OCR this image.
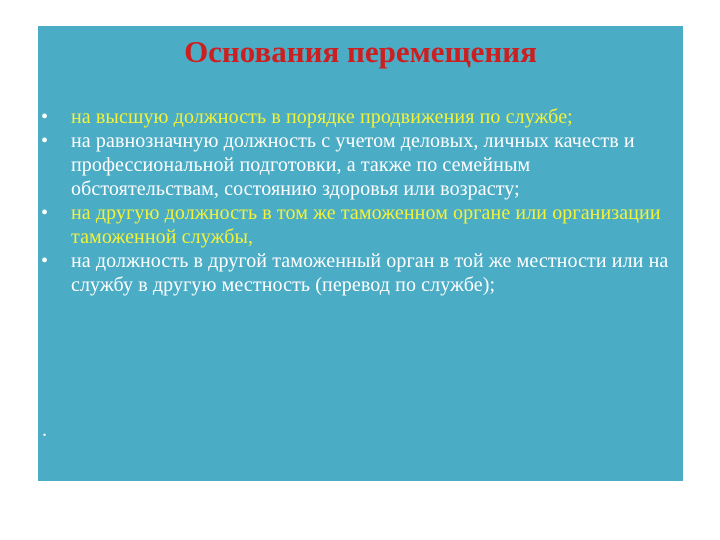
Основания перемещения
• на высшую должность в порядке продвижения по службе;
• на равнозначную должность с учетом деловых, личных качеств и профессиональной подготовки, а также по семейным обстоятельствам, состоянию здоровья или возрасту;
• на другую должность в том же таможенном органе или организации таможенной службы,
• на должность в другой таможенный орган в той же местности или на службу в другую местность (перевод по службе);
.
